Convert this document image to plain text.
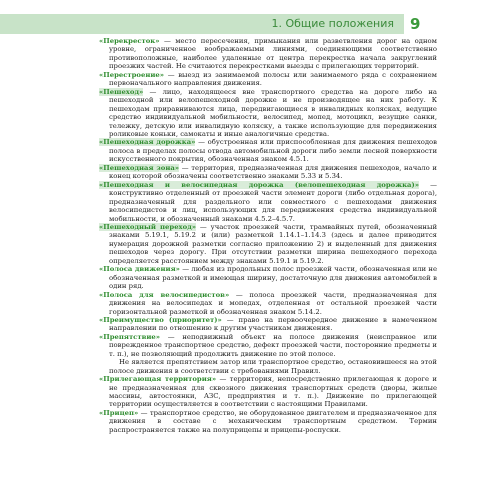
1. Общие положения	9

«Перекресток» — место пересечения, примыкания или разветвления дорог на одном уровне, ограниченное воображаемыми линиями, соединяющими соответственно противоположные, наиболее удаленные от центра перекрестка начала закруглений проезжих частей. Не считаются перекрестками выезды с прилегающих территорий.

«Перестроение» — выезд из занимаемой полосы или занимаемого ряда с сохранением первоначального направления движения.

«Пешеход» — лицо, находящееся вне транспортного средства на дороге либо на пешеходной или велопешеходной дорожке и не производящее на них работу. К пешеходам приравниваются лица, передвигающиеся в инвалидных колясках, ведущие средство индивидуальной мобильности, велосипед, мопед, мотоцикл, везущие санки, тележку, детскую или инвалидную коляску, а также использующие для передвижения роликовые коньки, самокаты и иные аналогичные средства.

«Пешеходная дорожка» — обустроенная или приспособленная для движения пешеходов полоса в пределах полосы отвода автомобильной дороги либо земли лесной поверхности искусственного покрытия, обозначенная знаком 4.5.1.

«Пешеходная зона» — территория, предназначенная для движения пешеходов, начало и конец которой обозначены соответственно знаками 5.33 и 5.34.

«Пешеходная и велосипедная дорожка (велопешеходная дорожка)» — конструктивно отделенный от проезжей части элемент дороги (либо отдельная дорога), предназначенный для раздельного или совместного с пешеходами движения велосипедистов и лиц, использующих для передвижения средства индивидуальной мобильности, и обозначенный знаками 4.5.2–4.5.7.

«Пешеходный переход» — участок проезжей части, трамвайных путей, обозначенный знаками 5.19.1, 5.19.2 и (или) разметкой 1.14.1–1.14.3 (здесь и далее приводится нумерация дорожной разметки согласно приложению 2) и выделенный для движения пешеходов через дорогу. При отсутствии разметки ширина пешеходного перехода определяется расстоянием между знаками 5.19.1 и 5.19.2.

«Полоса движения» — любая из продольных полос проезжей части, обозначенная или не обозначенная разметкой и имеющая ширину, достаточную для движения автомобилей в один ряд.

«Полоса для велосипедистов» — полоса проезжей части, предназначенная для движения на велосипедах и мопедах, отделенная от остальной проезжей части горизонтальной разметкой и обозначенная знаком 5.14.2.

«Преимущество (приоритет)» — право на первоочередное движение в намеченном направлении по отношению к другим участникам движения.

«Препятствие» — неподвижный объект на полосе движения (неисправное или поврежденное транспортное средство, дефект проезжей части, посторонние предметы и т. п.), не позволяющий продолжить движение по этой полосе.

Не является препятствием затор или транспортное средство, остановившееся на этой полосе движения в соответствии с требованиями Правил.

«Прилегающая территория» — территория, непосредственно прилегающая к дороге и не предназначенная для сквозного движения транспортных средств (дворы, жилые массивы, автостоянки, АЗС, предприятия и т. п.). Движение по прилегающей территории осуществляется в соответствии с настоящими Правилами.

«Прицеп» — транспортное средство, не оборудованное двигателем и предназначенное для движения в составе с механическим транспортным средством. Термин распространяется также на полуприцепы и прицепы-роспуски.
